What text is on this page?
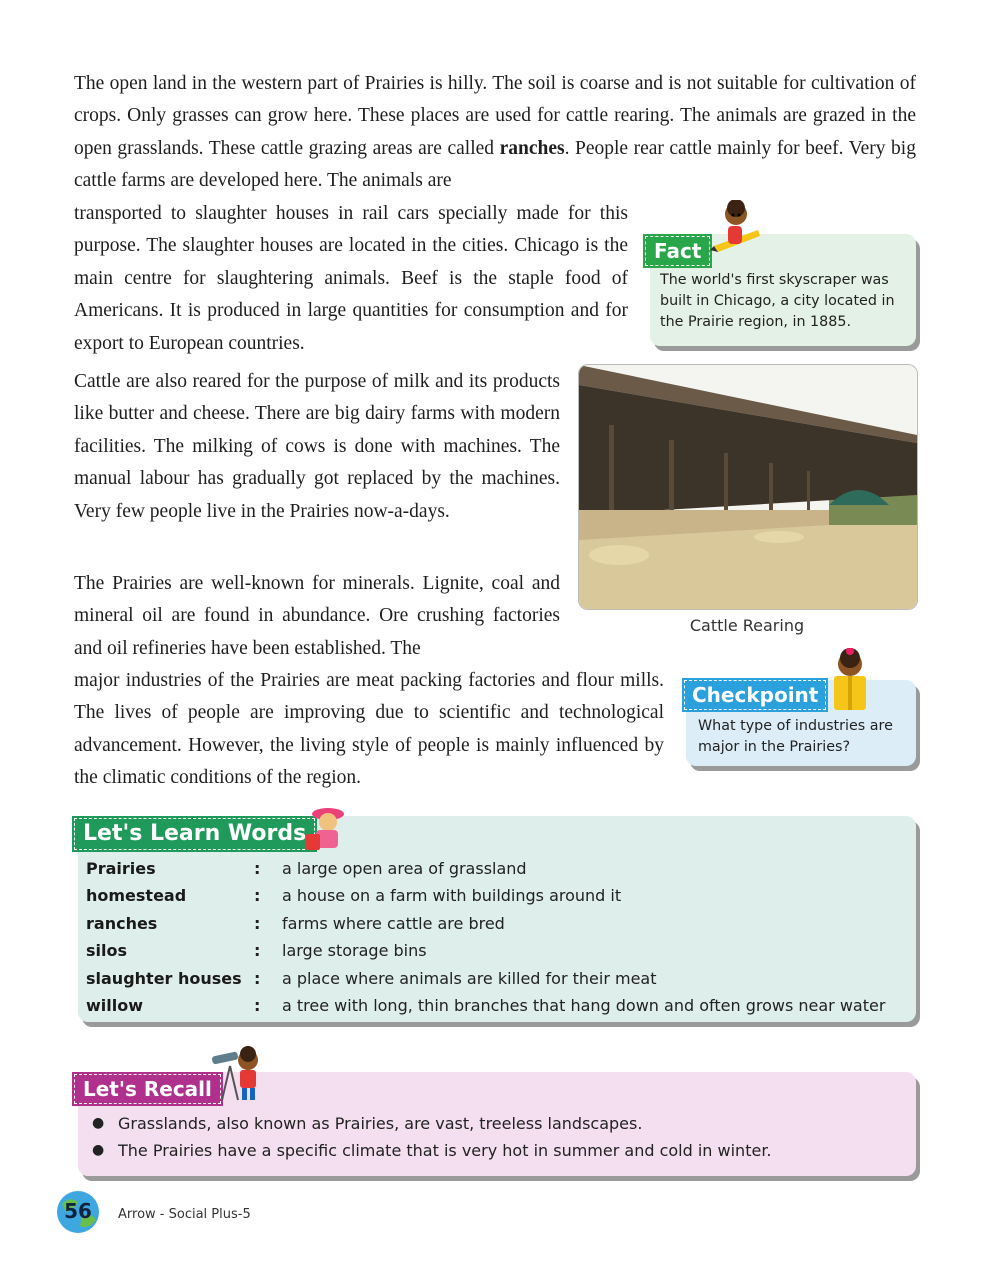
The open land in the western part of Prairies is hilly. The soil is coarse and is not suitable for cultivation of crops. Only grasses can grow here. These places are used for cattle rearing. The animals are grazed in the open grasslands. These cattle grazing areas are called ranches. People rear cattle mainly for beef. Very big cattle farms are developed here. The animals are

transported to slaughter houses in rail cars specially made for this purpose. The slaughter houses are located in the cities. Chicago is the main centre for slaughtering animals. Beef is the staple food of Americans. It is produced in large quantities for consumption and for export to European countries.

Fact
The world's first skyscraper was built in Chicago, a city located in the Prairie region, in 1885.

Cattle are also reared for the purpose of milk and its products like butter and cheese. There are big dairy farms with modern facilities. The milking of cows is done with machines. The manual labour has gradually got replaced by the machines. Very few people live in the Prairies now-a-days.

Cattle Rearing

The Prairies are well-known for minerals. Lignite, coal and mineral oil are found in abundance. Ore crushing factories and oil refineries have been established. The

major industries of the Prairies are meat packing factories and flour mills. The lives of people are improving due to scientific and technological advancement. However, the living style of people is mainly influenced by the climatic conditions of the region.

Checkpoint
What type of industries are major in the Prairies?
Let's Learn Words
Prairies	:	a large open area of grassland
homestead	:	a house on a farm with buildings around it
ranches	:	farms where cattle are bred
silos	:	large storage bins
slaughter houses :	a place where animals are killed for their meat
willow	:	a tree with long, thin branches that hang down and often grows near water
Let's Recall
● Grasslands, also known as Prairies, are vast, treeless landscapes.
● The Prairies have a specific climate that is very hot in summer and cold in winter.
56	Arrow - Social Plus-5
